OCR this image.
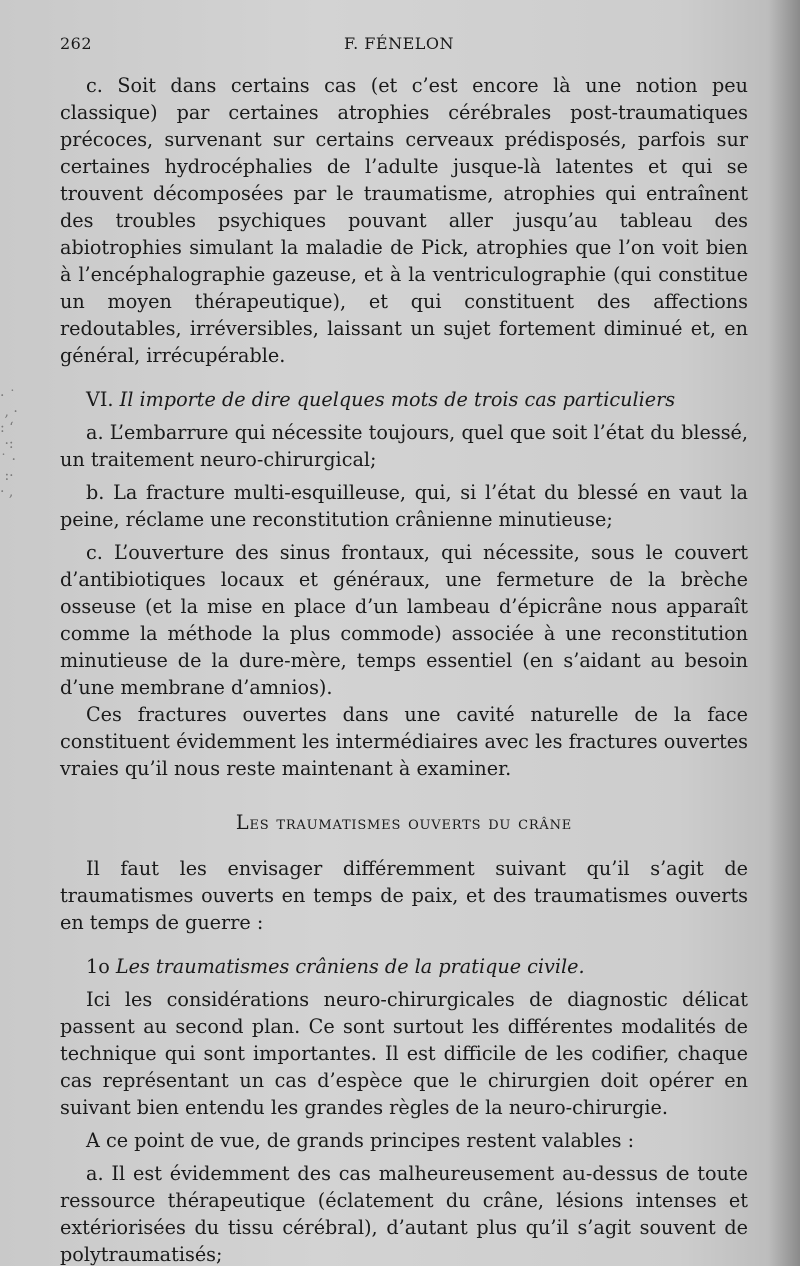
· ˙
, ·
: ‘
·:
˙ ·
:·
· ,
262	F. FÉNELON

c. Soit dans certains cas (et c’est encore là une notion peu classique) par certaines atrophies cérébrales post-traumatiques précoces, survenant sur certains cerveaux prédisposés, parfois sur certaines hydrocéphalies de l’adulte jusque-là latentes et qui se trouvent décomposées par le traumatisme, atrophies qui entraînent des troubles psychiques pouvant aller jusqu’au tableau des abiotrophies simulant la maladie de Pick, atrophies que l’on voit bien à l’encéphalographie gazeuse, et à la ventriculographie (qui constitue un moyen thérapeutique), et qui constituent des affections redoutables, irréversibles, laissant un sujet fortement diminué et, en général, irrécupérable.

VI. Il importe de dire quelques mots de trois cas particuliers

a. L’embarrure qui nécessite toujours, quel que soit l’état du blessé, un traitement neuro-chirurgical;

b. La fracture multi-esquilleuse, qui, si l’état du blessé en vaut la peine, réclame une reconstitution crânienne minutieuse;

c. L’ouverture des sinus frontaux, qui nécessite, sous le couvert d’antibiotiques locaux et généraux, une fermeture de la brèche osseuse (et la mise en place d’un lambeau d’épicrâne nous apparaît comme la méthode la plus commode) associée à une reconstitution minutieuse de la dure-mère, temps essentiel (en s’aidant au besoin d’une membrane d’amnios).

Ces fractures ouvertes dans une cavité naturelle de la face constituent évidemment les intermédiaires avec les fractures ouvertes vraies qu’il nous reste maintenant à examiner.

Les traumatismes ouverts du crâne

Il faut les envisager différemment suivant qu’il s’agit de traumatismes ouverts en temps de paix, et des traumatismes ouverts en temps de guerre :

1o Les traumatismes crâniens de la pratique civile.

Ici les considérations neuro-chirurgicales de diagnostic délicat passent au second plan. Ce sont surtout les différentes modalités de technique qui sont importantes. Il est difficile de les codifier, chaque cas représentant un cas d’espèce que le chirurgien doit opérer en suivant bien entendu les grandes règles de la neuro-chirurgie.

A ce point de vue, de grands principes restent valables :

a. Il est évidemment des cas malheureusement au-dessus de toute ressource thérapeutique (éclatement du crâne, lésions intenses et extériorisées du tissu cérébral), d’autant plus qu’il s’agit souvent de polytraumatisés;
